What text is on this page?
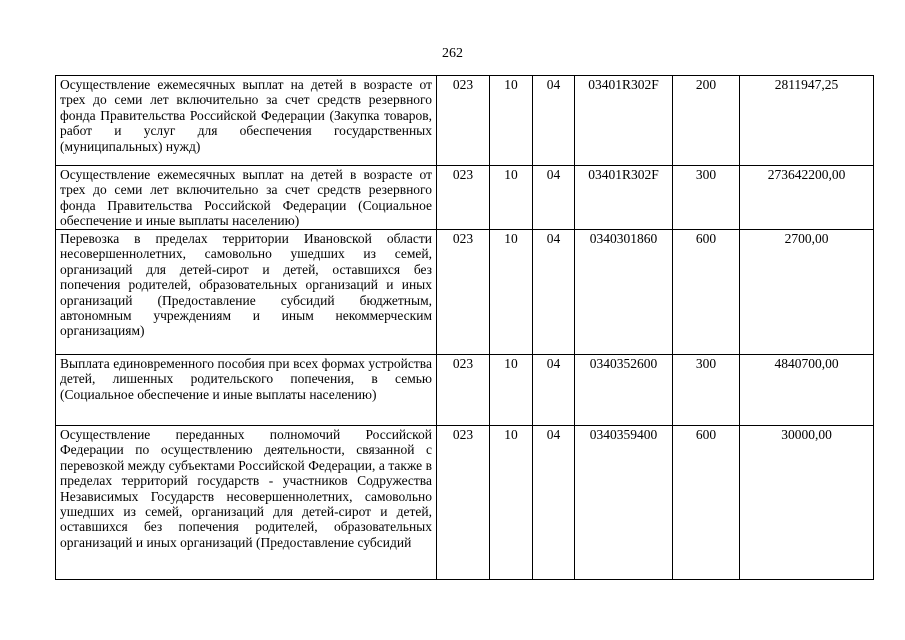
262
Осуществление ежемесячных выплат на детей в возрасте от трех до семи лет включительно за счет средств резервного фонда Правительства Российской Федерации (Закупка товаров, работ и услуг для обеспечения государственных (муниципальных) нужд)	023	10	04	03401R302F	200	2811947,25
Осуществление ежемесячных выплат на детей в возрасте от трех до семи лет включительно за счет средств резервного фонда Правительства Российской Федерации (Социальное обеспечение и иные выплаты населению)	023	10	04	03401R302F	300	273642200,00
Перевозка в пределах территории Ивановской области несовершеннолетних, самовольно ушедших из семей, организаций для детей-сирот и детей, оставшихся без попечения родителей, образовательных организаций и иных организаций (Предоставление субсидий бюджетным, автономным учреждениям и иным некоммерческим организациям)	023	10	04	0340301860	600	2700,00
Выплата единовременного пособия при всех формах устройства детей, лишенных родительского попечения, в семью (Социальное обеспечение и иные выплаты населению)	023	10	04	0340352600	300	4840700,00
Осуществление переданных полномочий Российской Федерации по осуществлению деятельности, связанной с перевозкой между субъектами Российской Федерации, а также в пределах территорий государств - участников Содружества Независимых Государств несовершеннолетних, самовольно ушедших из семей, организаций для детей-сирот и детей, оставшихся без попечения родителей, образовательных организаций и иных организаций (Предоставление субсидий	023	10	04	0340359400	600	30000,00
